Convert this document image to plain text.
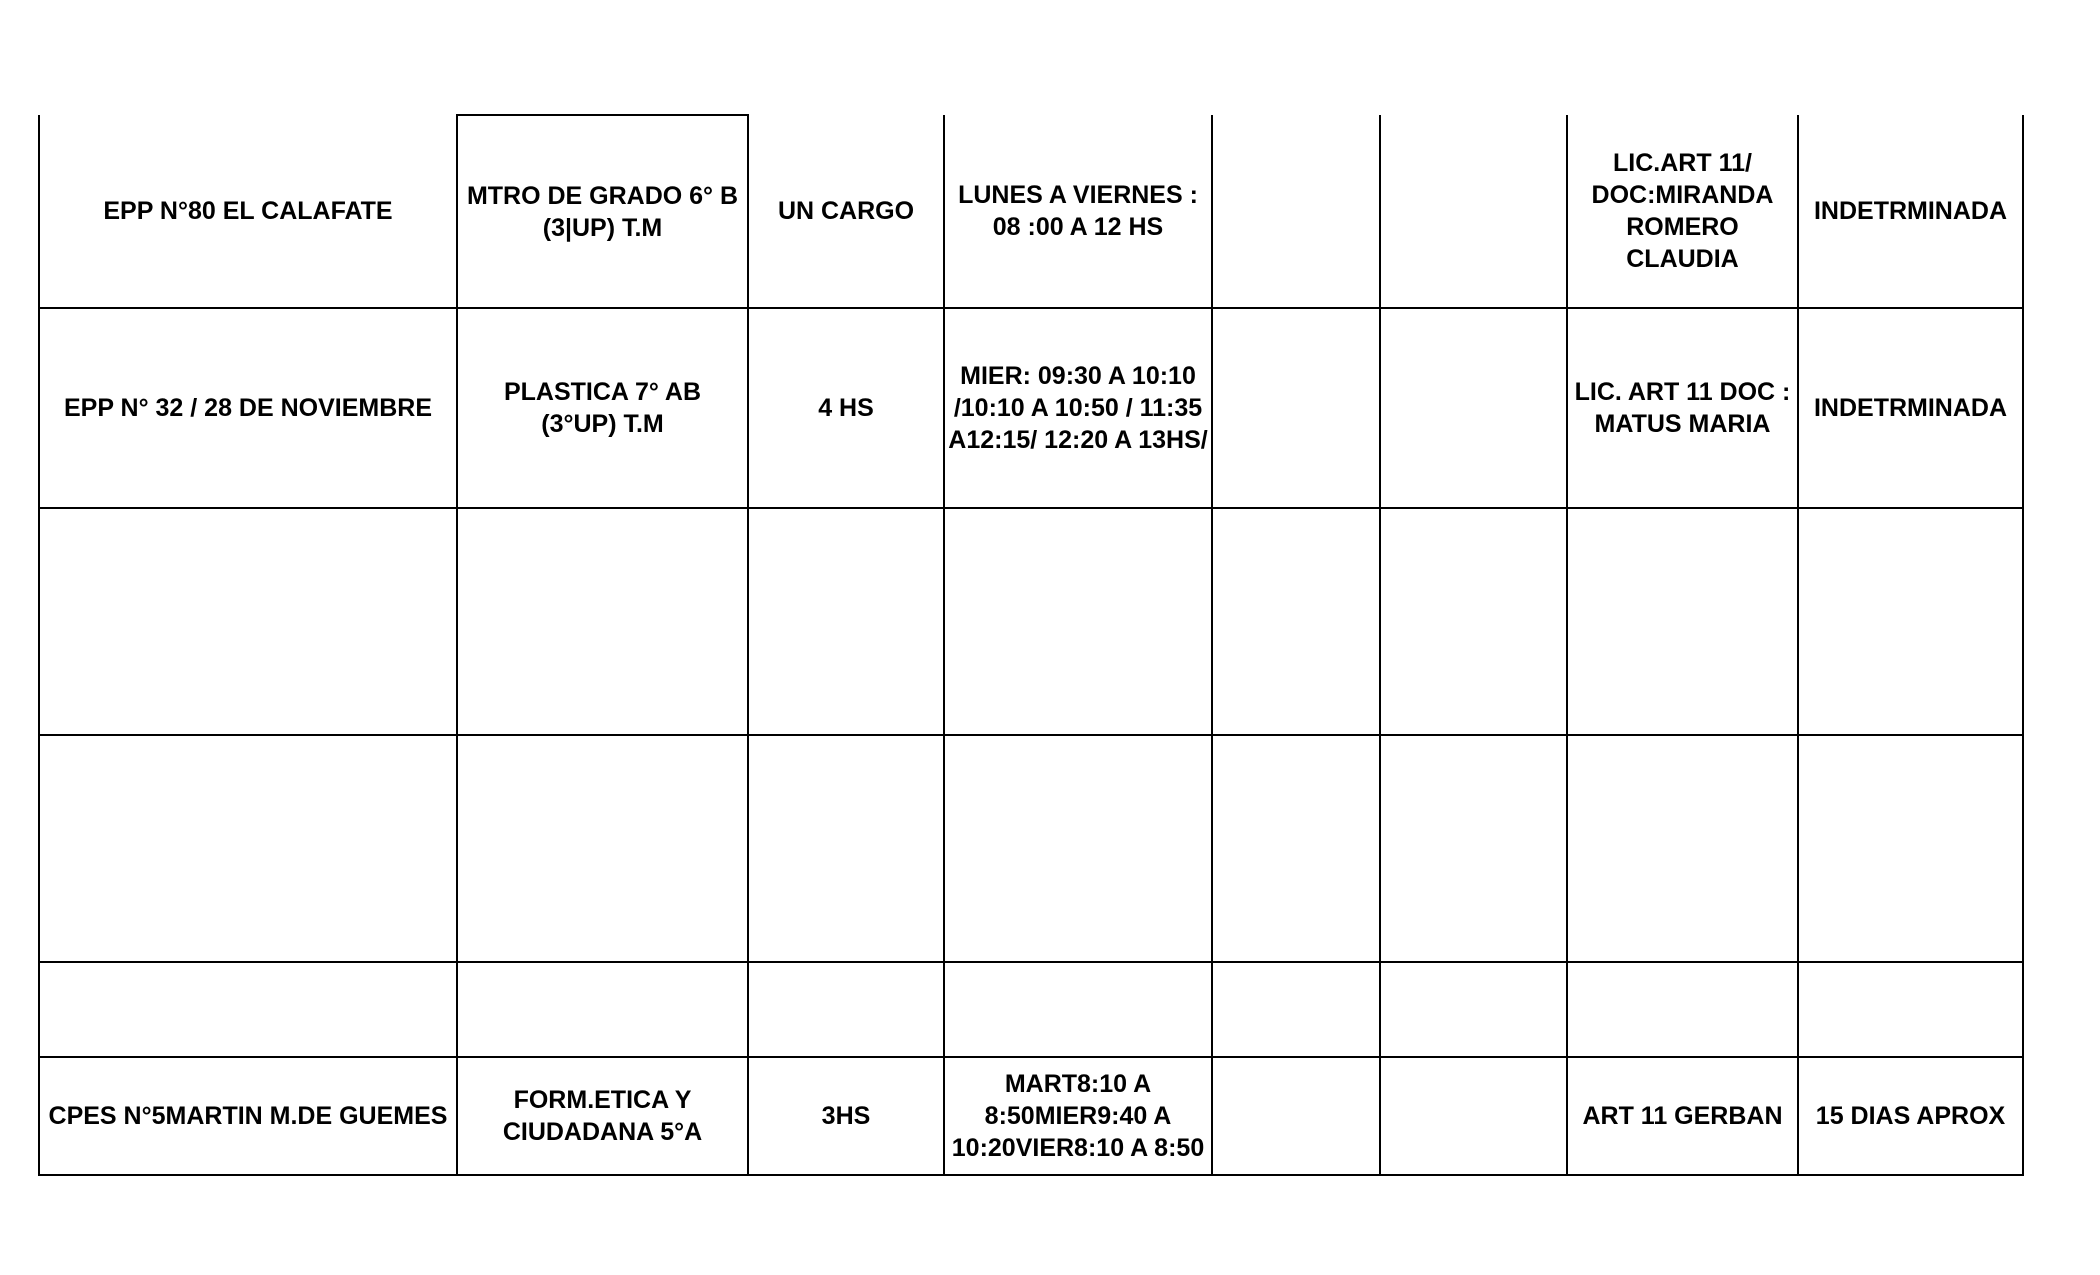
EPP N°80 EL CALAFATE	MTRO DE GRADO 6° B (3|UP) T.M	UN CARGO	LUNES A VIERNES : 08 :00 A 12 HS			LIC.ART 11/ DOC:MIRANDA ROMERO CLAUDIA	INDETRMINADA
EPP N° 32 / 28 DE NOVIEMBRE	PLASTICA 7° AB (3°UP) T.M	4 HS	MIER: 09:30 A 10:10 /10:10 A 10:50 / 11:35 A12:15/ 12:20 A 13HS/			LIC. ART 11 DOC : MATUS MARIA	INDETRMINADA

CPES N°5MARTIN M.DE GUEMES	FORM.ETICA Y CIUDADANA 5°A	3HS	MART8:10 A 8:50MIER9:40 A 10:20VIER8:10 A 8:50			ART 11 GERBAN	15 DIAS APROX
